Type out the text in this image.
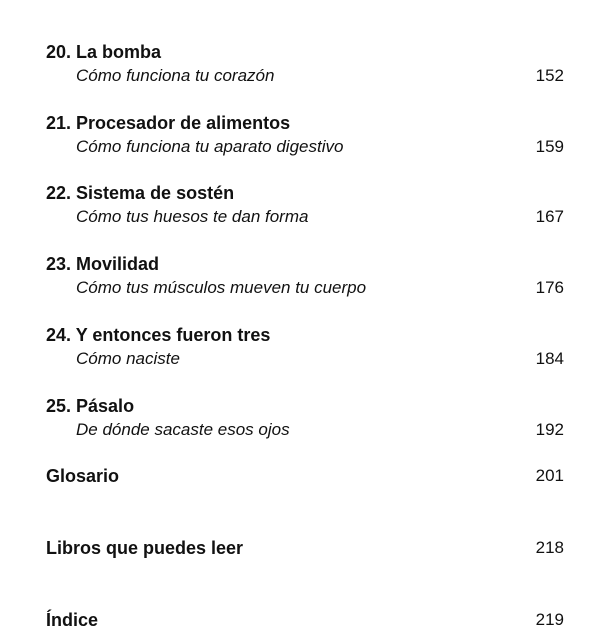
20. La bomba
Cómo funciona tu corazón	152
21. Procesador de alimentos
Cómo funciona tu aparato digestivo	159
22. Sistema de sostén
Cómo tus huesos te dan forma	167
23. Movilidad
Cómo tus músculos mueven tu cuerpo	176
24. Y entonces fueron tres
Cómo naciste	184
25. Pásalo
De dónde sacaste esos ojos	192
Glosario	201
Libros que puedes leer	218
Índice	219
